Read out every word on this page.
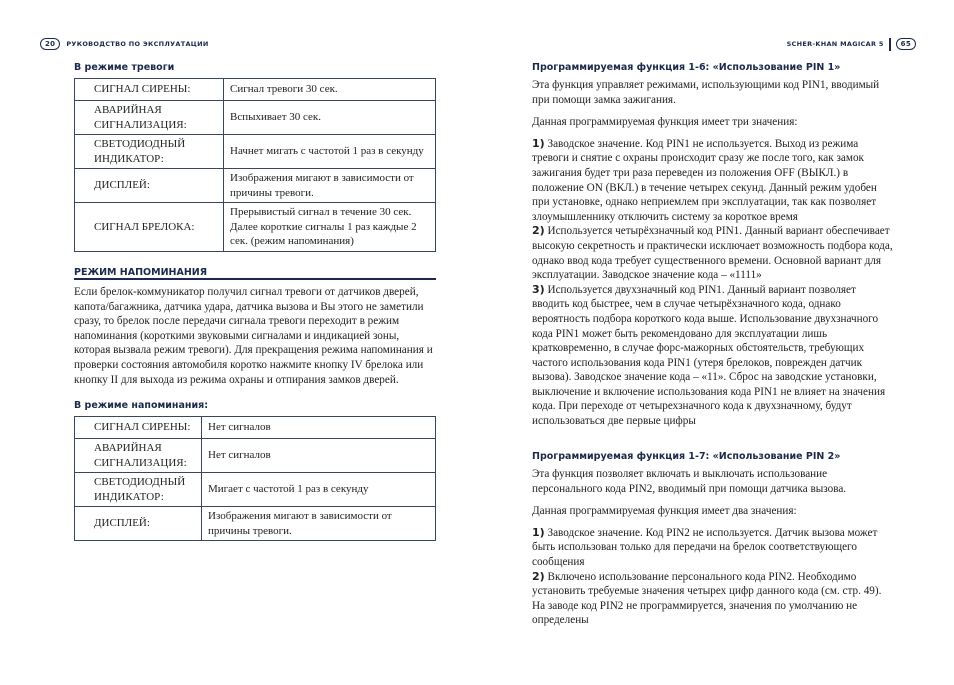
20	РУКОВОДСТВО ПО ЭКСПЛУАТАЦИИ	SCHER-KHAN MAGICAR 5	65
В режиме тревоги
СИГНАЛ СИРЕНЫ:	Сигнал тревоги 30 сек.
АВАРИЙНАЯ СИГНАЛИЗАЦИЯ:	Вспыхивает 30 сек.
СВЕТОДИОДНЫЙ ИНДИКАТОР:	Начнет мигать с частотой 1 раз в секунду
ДИСПЛЕЙ:	Изображения мигают в зависимости от причины тревоги.
СИГНАЛ БРЕЛОКА:	Прерывистый сигнал в течение 30 сек. Далее короткие сигналы 1 раз каждые 2 сек. (режим напоминания)
РЕЖИМ НАПОМИНАНИЯ

Если брелок-коммуникатор получил сигнал тревоги от датчиков дверей, капота/багажника, датчика удара, датчика вызова и Вы этого не заметили сразу, то брелок после передачи сигнала тревоги переходит в режим напоминания (короткими звуковыми сигналами и индикацией зоны, которая вызвала режим тревоги). Для прекращения режима напоминания и проверки состояния автомобиля коротко нажмите кнопку IV брелока или кнопку II для выхода из режима охраны и отпирания замков дверей.

В режиме напоминания:
СИГНАЛ СИРЕНЫ:	Нет сигналов
АВАРИЙНАЯ СИГНАЛИЗАЦИЯ:	Нет сигналов
СВЕТОДИОДНЫЙ ИНДИКАТОР:	Мигает с частотой 1 раз в секунду
ДИСПЛЕЙ:	Изображения мигают в зависимости от причины тревоги.
Программируемая функция 1-6: «Использование PIN 1»

Эта функция управляет режимами, использующими код PIN1, вводимый при помощи замка зажигания.

Данная программируемая функция имеет три значения:

1) Заводское значение. Код PIN1 не используется. Выход из режима тревоги и снятие с охраны происходит сразу же после того, как замок зажигания будет три раза переведен из положения OFF (ВЫКЛ.) в положение ON (ВКЛ.) в течение четырех секунд. Данный режим удобен при установке, однако неприемлем при эксплуатации, так как позволяет злоумышленнику отключить систему за короткое время

2) Используется четырёхзначный код PIN1. Данный вариант обеспечивает высокую секретность и практически исключает возможность подбора кода, однако ввод кода требует существенного времени. Основной вариант для эксплуатации. Заводское значение кода – «1111»

3) Используется двухзначный код PIN1. Данный вариант позволяет вводить код быстрее, чем в случае четырёхзначного кода, однако вероятность подбора короткого кода выше. Использование двухзначного кода PIN1 может быть рекомендовано для эксплуатации лишь кратковременно, в случае форс-мажорных обстоятельств, требующих частого использования кода PIN1 (утеря брелоков, поврежден датчик вызова). Заводское значение кода – «11». Сброс на заводские установки, выключение и включение использования кода PIN1 не влияет на значения кода. При переходе от четырехзначного кода к двухзначному, будут использоваться две первые цифры

Программируемая функция 1-7: «Использование PIN 2»

Эта функция позволяет включать и выключать использование персонального кода PIN2, вводимый при помощи датчика вызова.

Данная программируемая функция имеет два значения:

1) Заводское значение. Код PIN2 не используется. Датчик вызова может быть использован только для передачи на брелок соответствующего сообщения

2) Включено использование персонального кода PIN2. Необходимо установить требуемые значения четырех цифр данного кода (см. стр. 49). На заводе код PIN2 не программируется, значения по умолчанию не определены
